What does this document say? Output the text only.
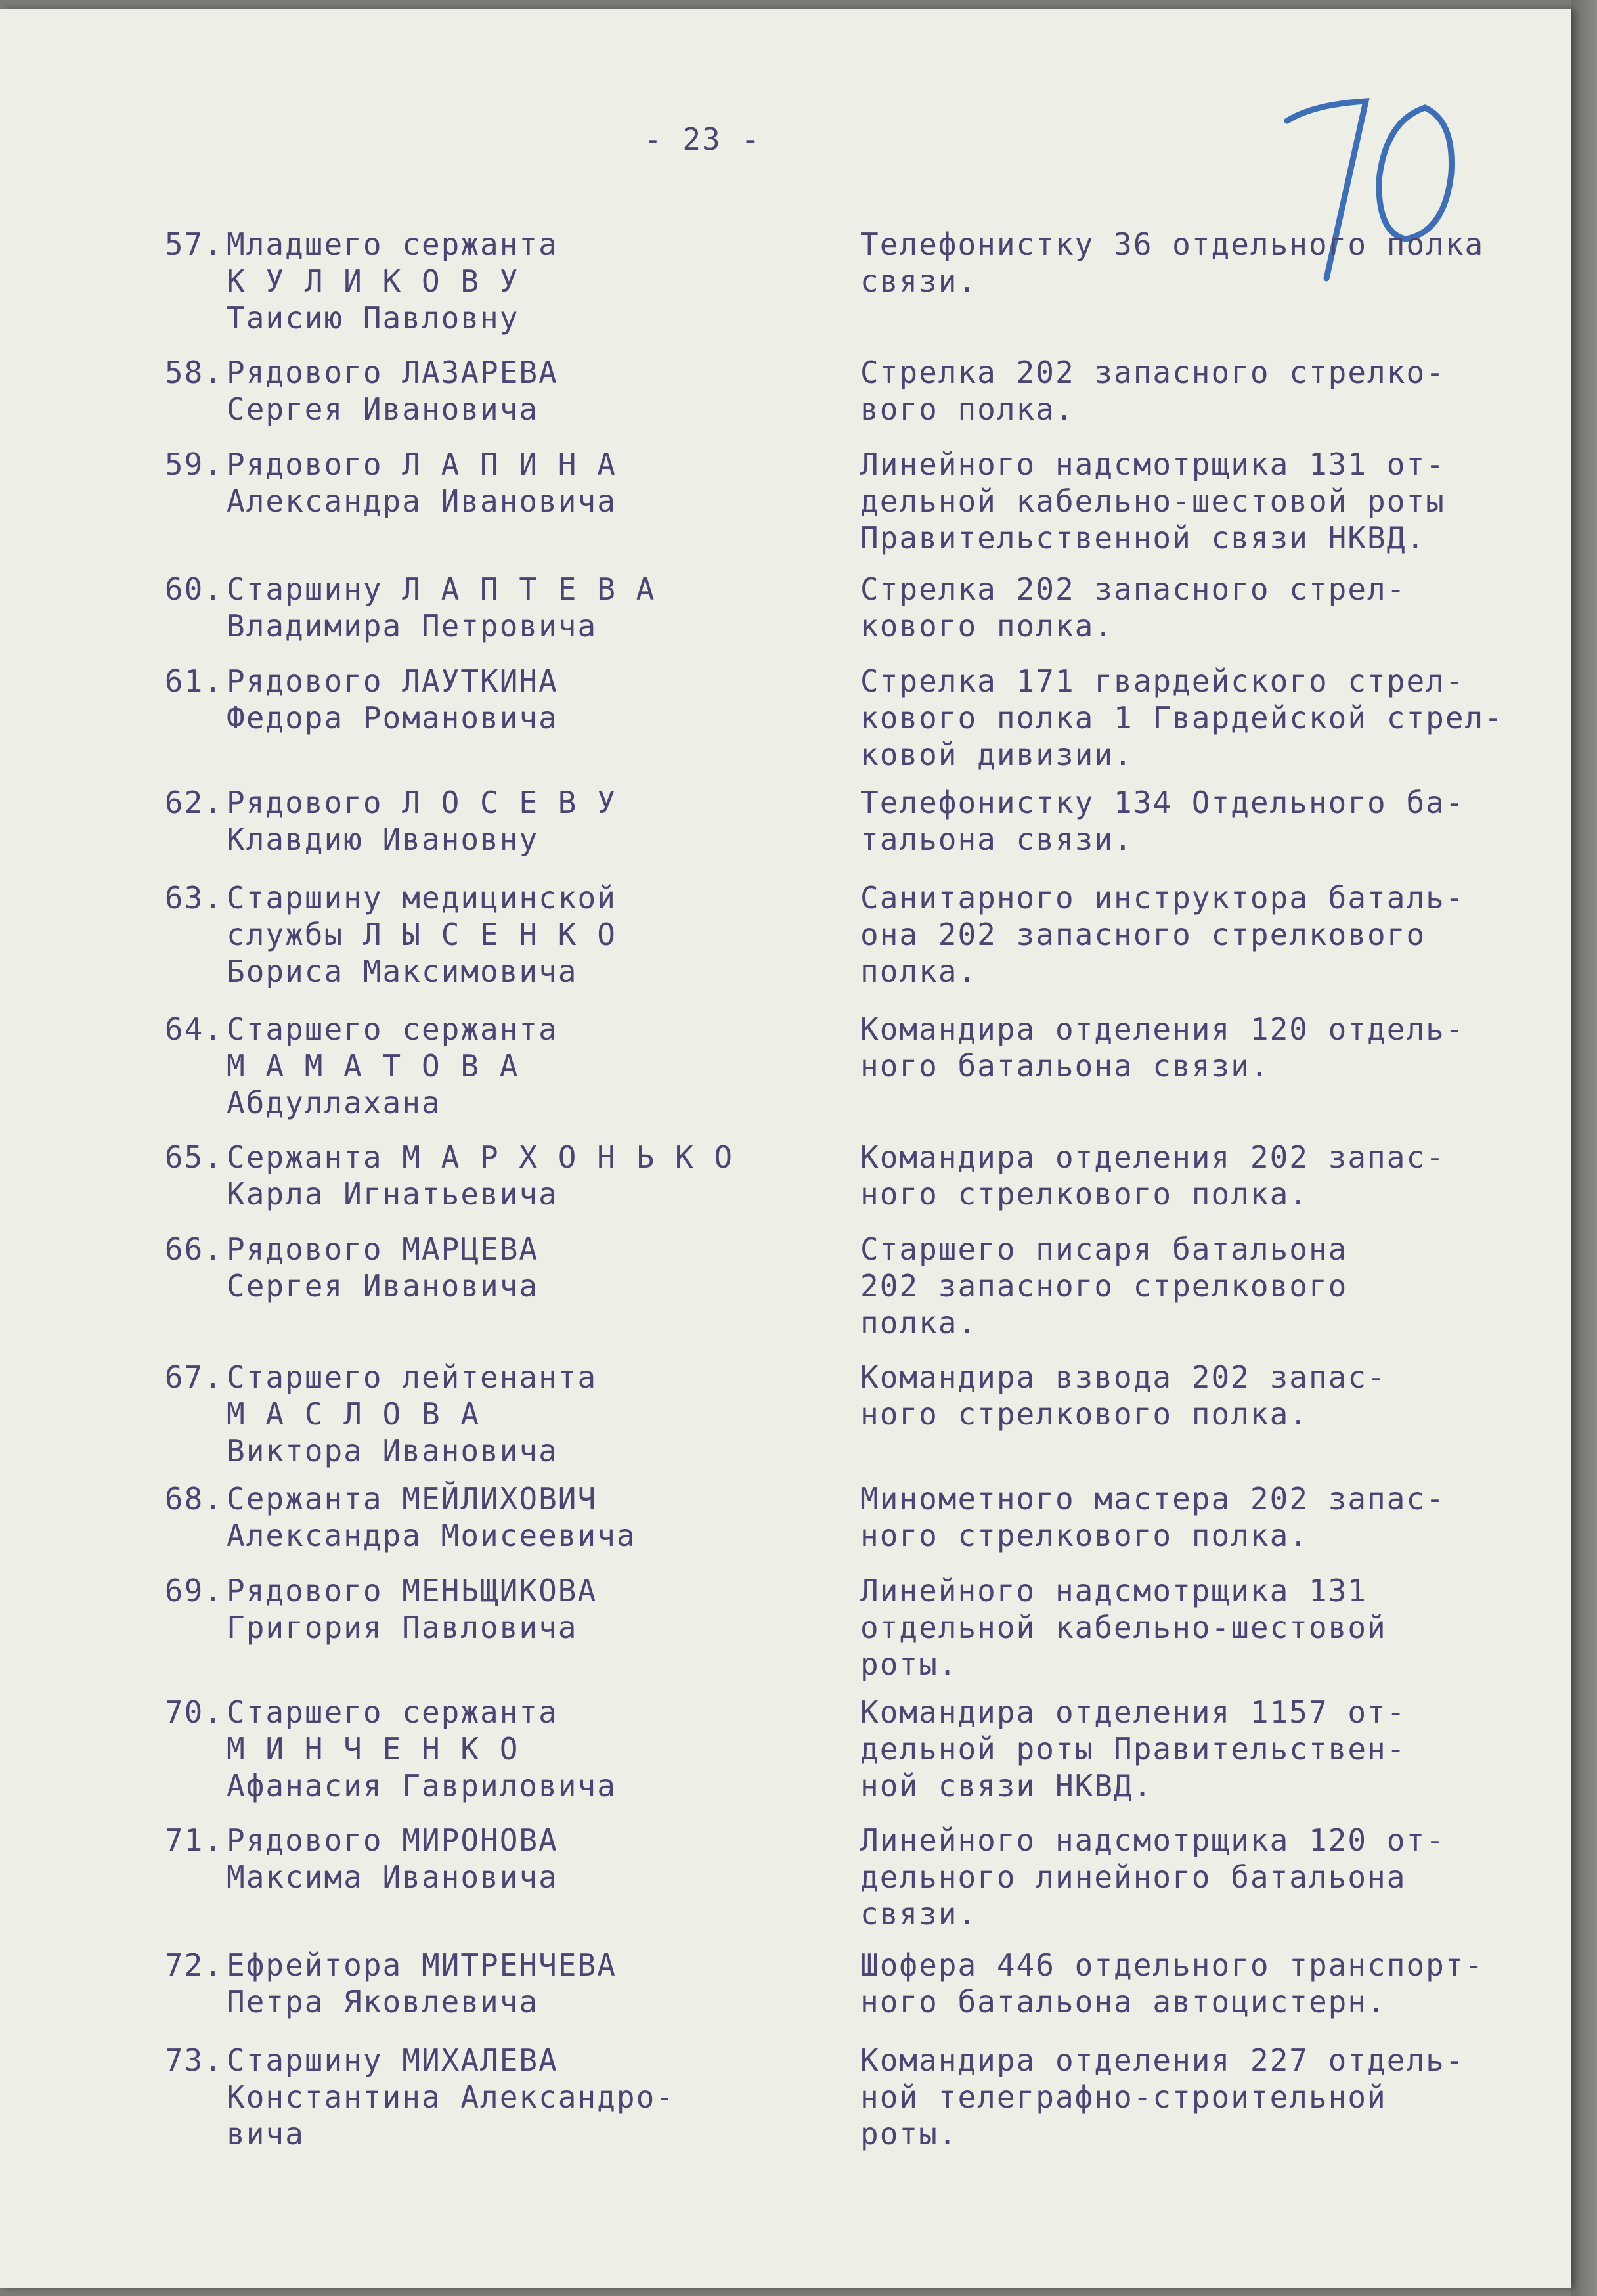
- 23 -
57. Младшего сержанта
К У Л И К О В У
Таисию Павловну
Телефонистку 36 отдельного полка
связи.
58. Рядового ЛАЗАРЕВА
Сергея Ивановича
Стрелка 202 запасного стрелко-
вого полка.
59. Рядового Л А П И Н А
Александра Ивановича
Линейного надсмотрщика 131 от-
дельной кабельно-шестовой роты
Правительственной связи НКВД.
60. Старшину Л А П Т Е В А
Владимира Петровича
Стрелка 202 запасного стрел-
кового полка.
61. Рядового ЛАУТКИНА
Федора Романовича
Стрелка 171 гвардейского стрел-
кового полка 1 Гвардейской стрел-
ковой дивизии.
62. Рядового Л О С Е В У
Клавдию Ивановну
Телефонистку 134 Отдельного ба-
тальона связи.
63. Старшину медицинской
службы Л Ы С Е Н К О
Бориса Максимовича
Санитарного инструктора баталь-
она 202 запасного стрелкового
полка.
64. Старшего сержанта
М А М А Т О В А
Абдуллахана
Командира отделения 120 отдель-
ного батальона связи.
65. Сержанта М А Р Х О Н Ь К О
Карла Игнатьевича
Командира отделения 202 запас-
ного стрелкового полка.
66. Рядового МАРЦЕВА
Сергея Ивановича
Старшего писаря батальона
202 запасного стрелкового
полка.
67. Старшего лейтенанта
М А С Л О В А
Виктора Ивановича
Командира взвода 202 запас-
ного стрелкового полка.
68. Сержанта МЕЙЛИХОВИЧ
Александра Моисеевича
Минометного мастера 202 запас-
ного стрелкового полка.
69. Рядового МЕНЬЩИКОВА
Григория Павловича
Линейного надсмотрщика 131
отдельной кабельно-шестовой
роты.
70. Старшего сержанта
М И Н Ч Е Н К О
Афанасия Гавриловича
Командира отделения 1157 от-
дельной роты Правительствен-
ной связи НКВД.
71. Рядового МИРОНОВА
Максима Ивановича
Линейного надсмотрщика 120 от-
дельного линейного батальона
связи.
72. Ефрейтора МИТРЕНЧЕВА
Петра Яковлевича
Шофера 446 отдельного транспорт-
ного батальона автоцистерн.
73. Старшину МИХАЛЕВА
Константина Александро-
вича
Командира отделения 227 отдель-
ной телеграфно-строительной
роты.
